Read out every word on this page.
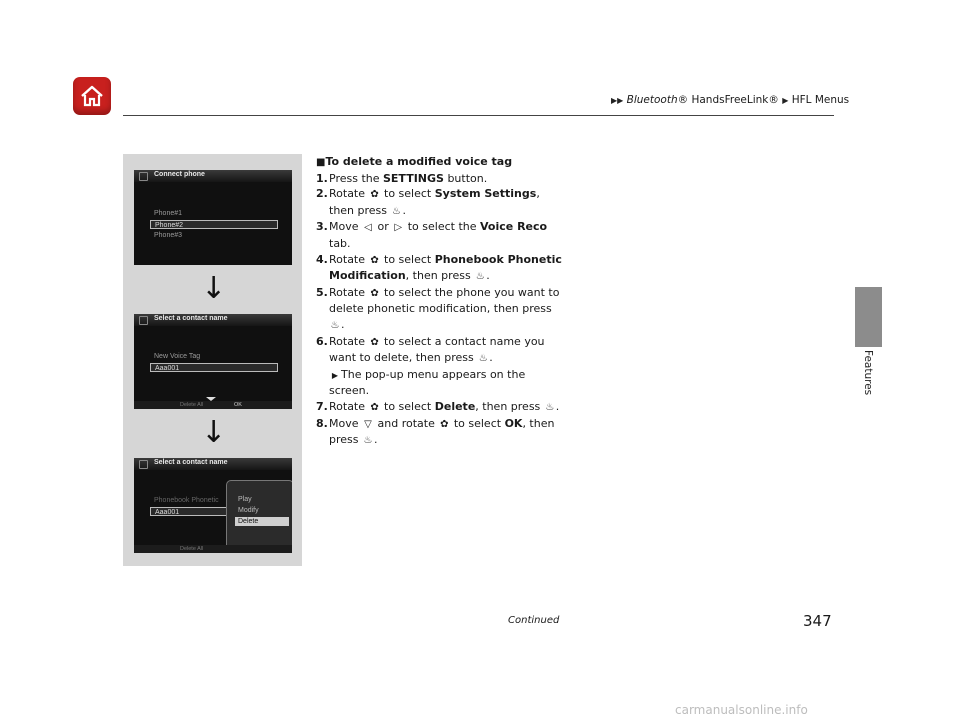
▶▶ Bluetooth® HandsFreeLink® ▶ HFL Menus
Features
Connect phone
Phone#1
Phone#2
Phone#3
↓
Select a contact name
New Voice Tag
Aaa001
Delete All	OK
↓
Select a contact name
Phonebook Phonetic
Aaa001
Play
Modify
Delete
Delete All
■To delete a modified voice tag
1. Press the SETTINGS button.
2. Rotate ✿ to select System Settings, then press ♨ .
3. Move ◁ or ▷ to select the Voice Reco tab.
4. Rotate ✿ to select Phonebook Phonetic Modification, then press ♨ .
5. Rotate ✿ to select the phone you want to delete phonetic modification, then press ♨ .
6. Rotate ✿ to select a contact name you want to delete, then press ♨ .
▶ The pop-up menu appears on the screen.
7. Rotate ✿ to select Delete, then press ♨ .
8. Move ▽ and rotate ✿ to select OK, then press ♨ .
Continued	347
carmanualsonline.info
